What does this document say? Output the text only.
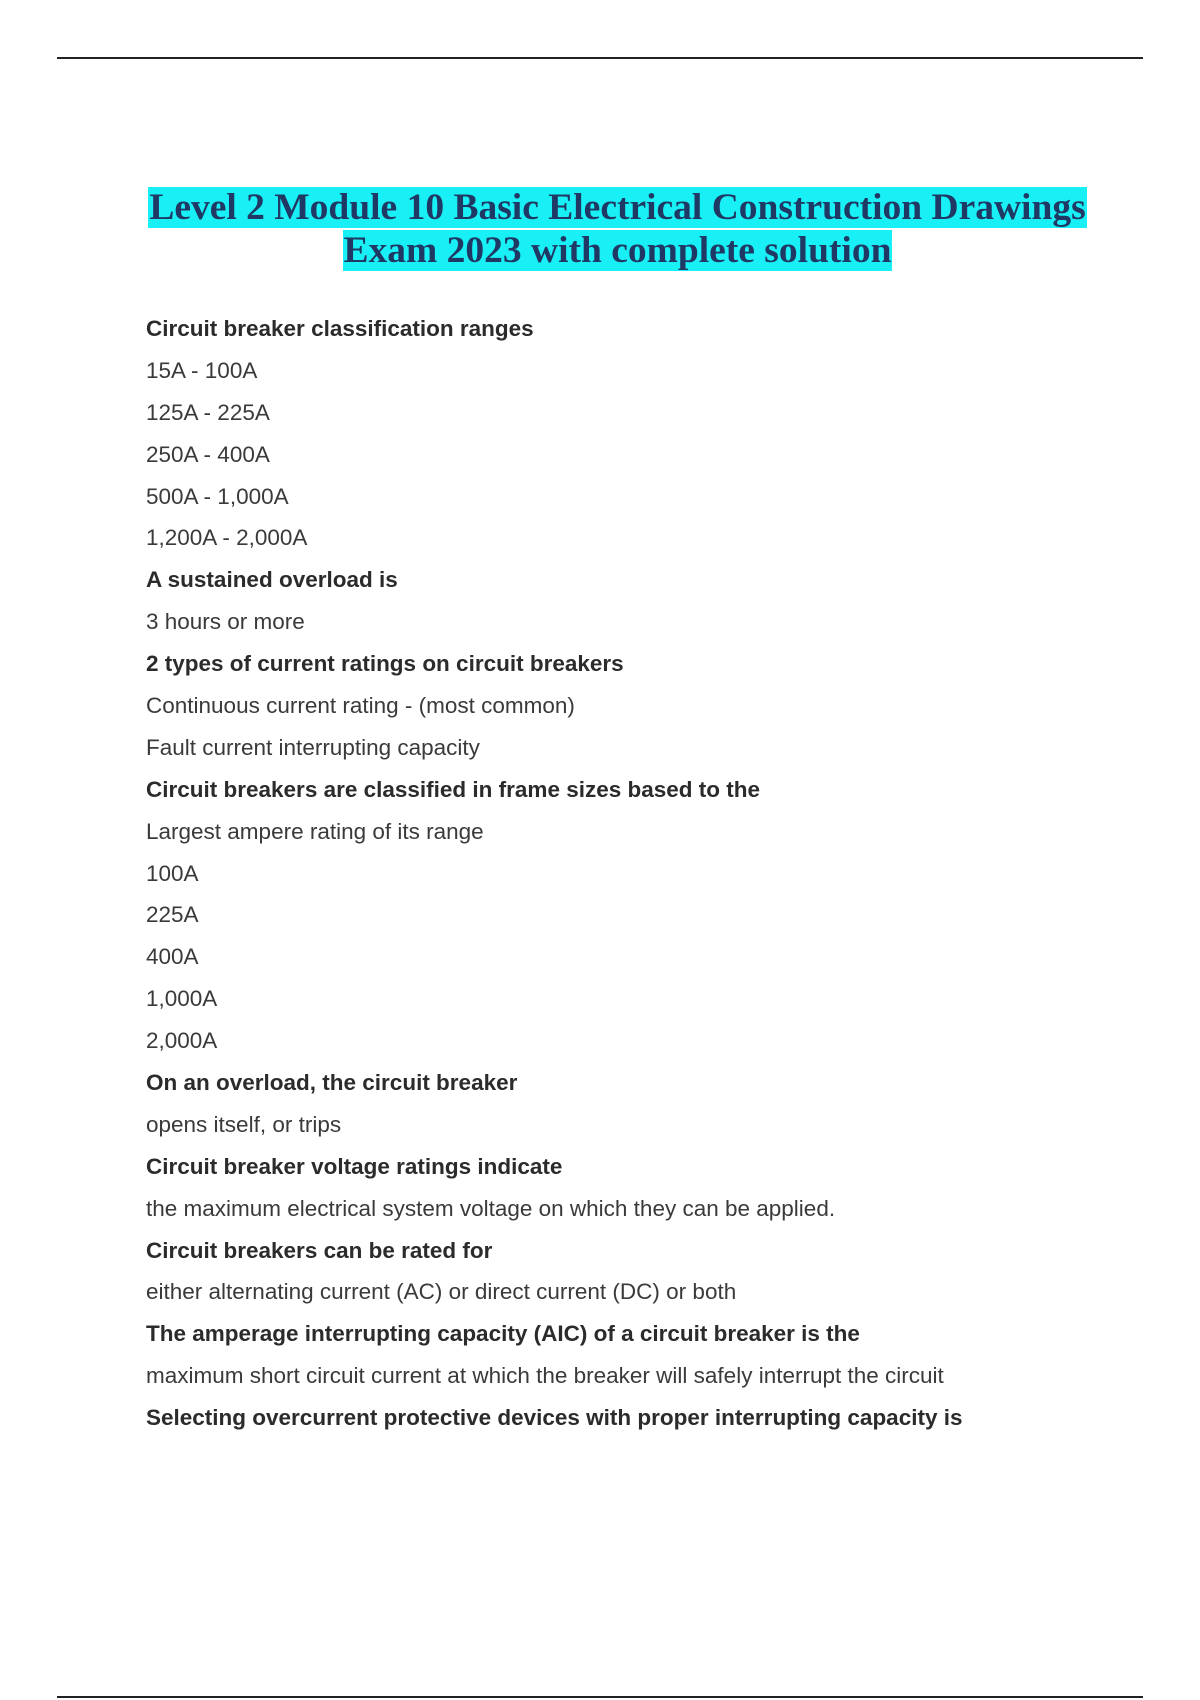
Level 2 Module 10 Basic Electrical Construction Drawings
Exam 2023 with complete solution
Circuit breaker classification ranges
15A - 100A
125A - 225A
250A - 400A
500A - 1,000A
1,200A - 2,000A
A sustained overload is
3 hours or more
2 types of current ratings on circuit breakers
Continuous current rating - (most common)
Fault current interrupting capacity
Circuit breakers are classified in frame sizes based to the
Largest ampere rating of its range
100A
225A
400A
1,000A
2,000A
On an overload, the circuit breaker
opens itself, or trips
Circuit breaker voltage ratings indicate
the maximum electrical system voltage on which they can be applied.
Circuit breakers can be rated for
either alternating current (AC) or direct current (DC) or both
The amperage interrupting capacity (AIC) of a circuit breaker is the
maximum short circuit current at which the breaker will safely interrupt the circuit
Selecting overcurrent protective devices with proper interrupting capacity is
